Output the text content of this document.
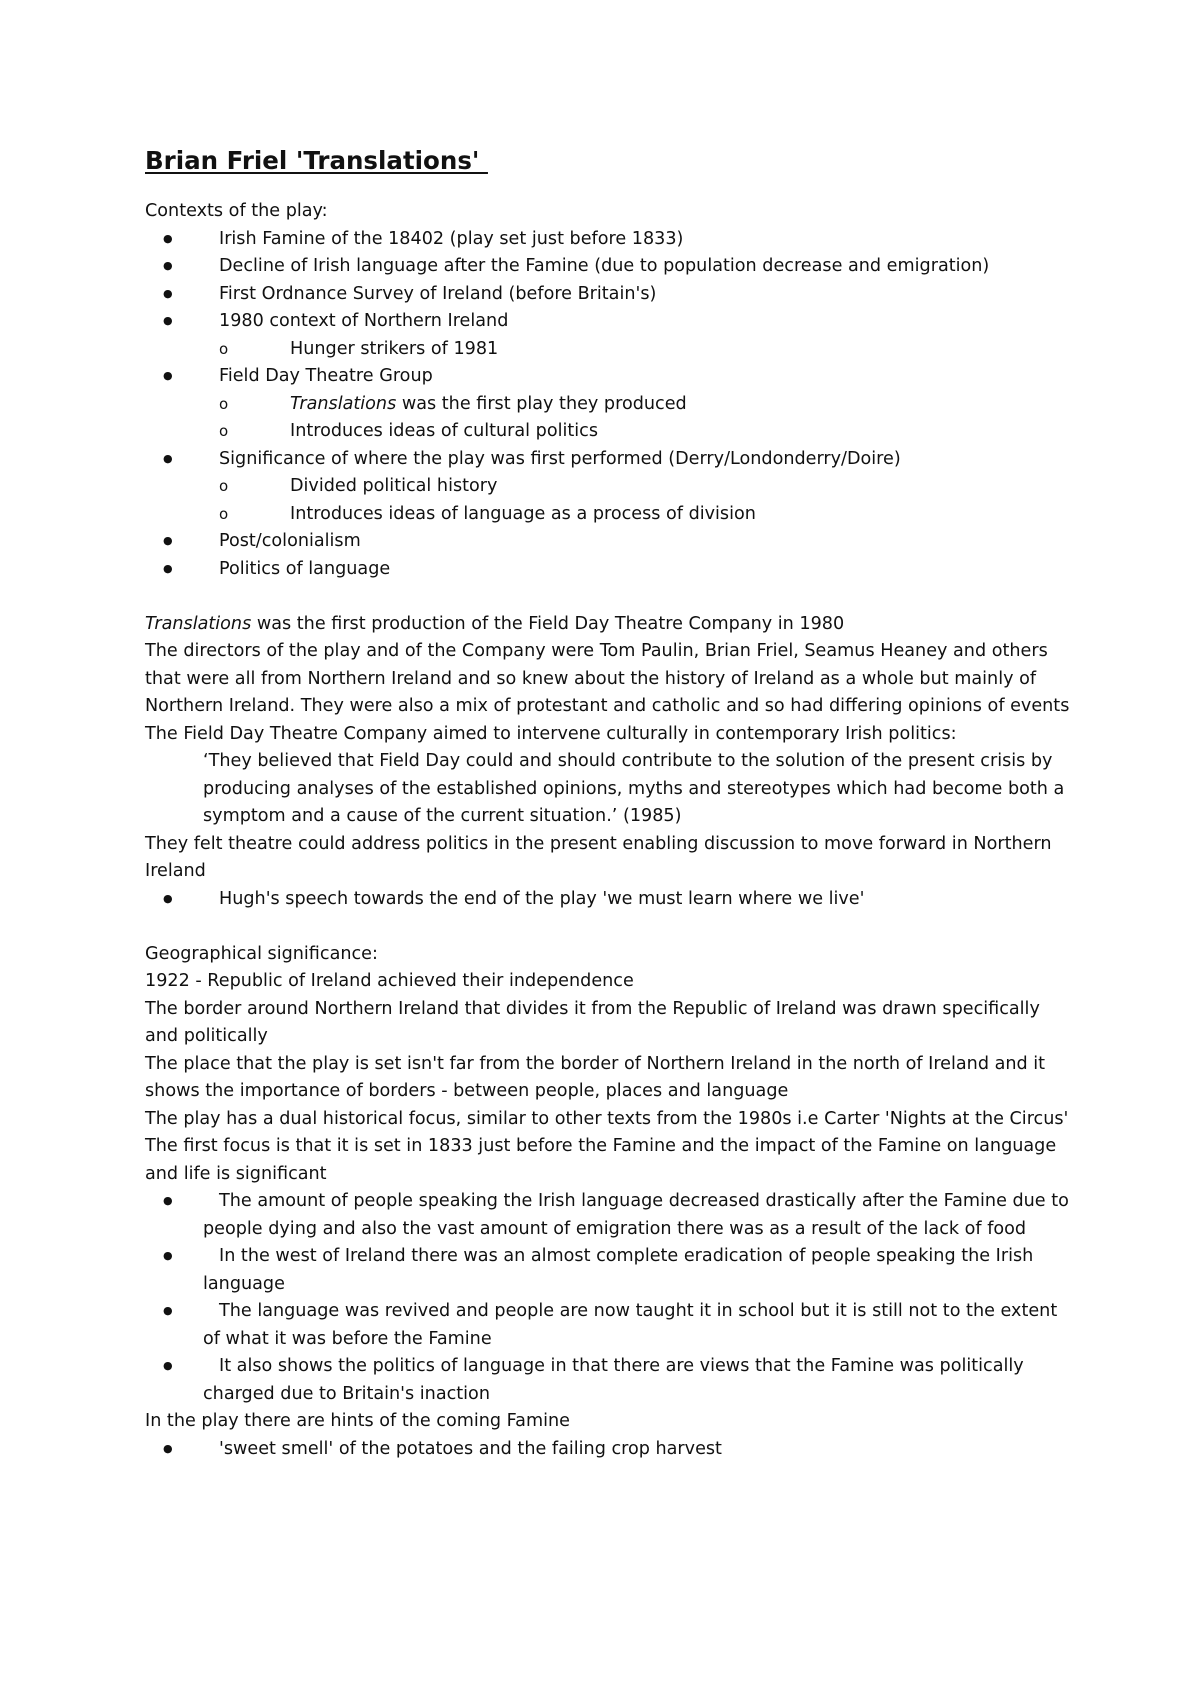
Brian Friel 'Translations'

Contexts of the play:

● Irish Famine of the 18402 (play set just before 1833)
● Decline of Irish language after the Famine (due to population decrease and emigration)
● First Ordnance Survey of Ireland (before Britain's)
● 1980 context of Northern Ireland
o Hunger strikers of 1981
● Field Day Theatre Group
o Translations was the first play they produced
o Introduces ideas of cultural politics
● Significance of where the play was first performed (Derry/Londonderry/Doire)
o Divided political history
o Introduces ideas of language as a process of division
● Post/colonialism
● Politics of language

Translations was the first production of the Field Day Theatre Company in 1980

The directors of the play and of the Company were Tom Paulin, Brian Friel, Seamus Heaney and others that were all from Northern Ireland and so knew about the history of Ireland as a whole but mainly of Northern Ireland. They were also a mix of protestant and catholic and so had differing opinions of events

The Field Day Theatre Company aimed to intervene culturally in contemporary Irish politics:

‘They believed that Field Day could and should contribute to the solution of the present crisis by producing analyses of the established opinions, myths and stereotypes which had become both a symptom and a cause of the current situation.’ (1985)

They felt theatre could address politics in the present enabling discussion to move forward in Northern Ireland

● Hugh's speech towards the end of the play 'we must learn where we live'

Geographical significance:

1922 - Republic of Ireland achieved their independence

The border around Northern Ireland that divides it from the Republic of Ireland was drawn specifically and politically

The place that the play is set isn't far from the border of Northern Ireland in the north of Ireland and it shows the importance of borders - between people, places and language

The play has a dual historical focus, similar to other texts from the 1980s i.e Carter 'Nights at the Circus'

The first focus is that it is set in 1833 just before the Famine and the impact of the Famine on language and life is significant

● The amount of people speaking the Irish language decreased drastically after the Famine due to people dying and also the vast amount of emigration there was as a result of the lack of food
● In the west of Ireland there was an almost complete eradication of people speaking the Irish language
● The language was revived and people are now taught it in school but it is still not to the extent of what it was before the Famine
● It also shows the politics of language in that there are views that the Famine was politically charged due to Britain's inaction

In the play there are hints of the coming Famine

● 'sweet smell' of the potatoes and the failing crop harvest
